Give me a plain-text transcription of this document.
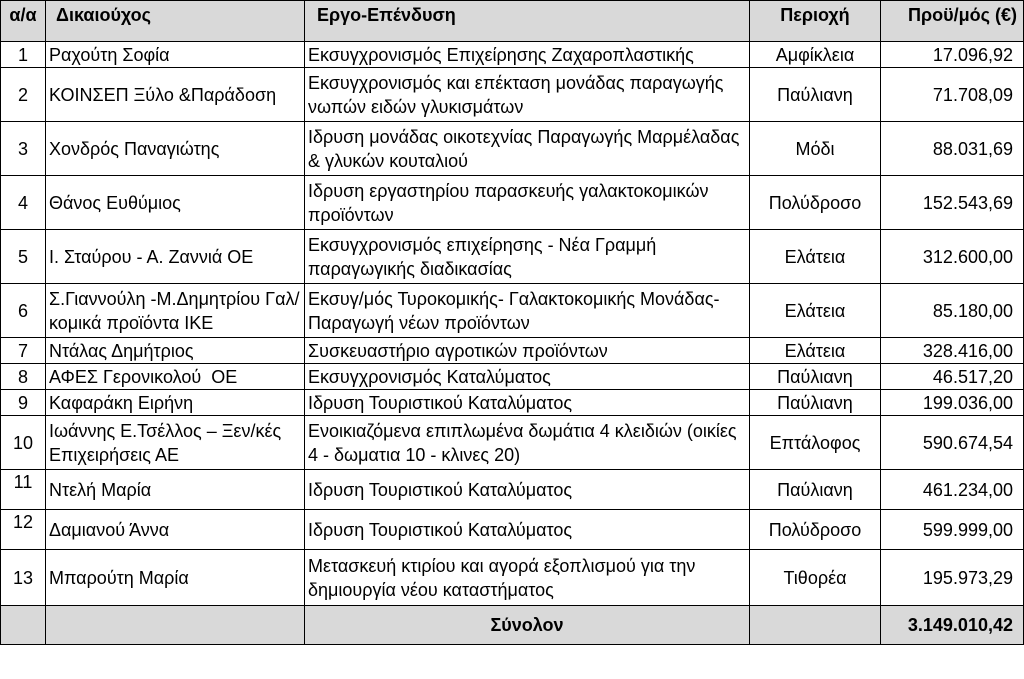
α/α	Δικαιούχος	Εργο-Επένδυση	Περιοχή	Προϋ/μός (€)
1	Ραχούτη Σοφία	Εκσυγχρονισμός Επιχείρησης Ζαχαροπλαστικής	Αμφίκλεια	17.096,92
2	ΚΟΙΝΣΕΠ Ξύλο &Παράδοση	Εκσυγχρονισμός και επέκταση μονάδας παραγωγής νωπών ειδών γλυκισμάτων	Παύλιανη	71.708,09
3	Χονδρός Παναγιώτης	Ιδρυση μονάδας οικοτεχνίας Παραγωγής Μαρμέλαδας & γλυκών κουταλιού	Μόδι	88.031,69
4	Θάνος Ευθύμιος	Ιδρυση εργαστηρίου παρασκευής γαλακτοκομικών προϊόντων	Πολύδροσο	152.543,69
5	Ι. Σταύρου - Α. Ζαννιά ΟΕ	Εκσυγχρονισμός επιχείρησης - Νέα Γραμμή παραγωγικής διαδικασίας	Ελάτεια	312.600,00
6	Σ.Γιαννούλη -Μ.Δημητρίου Γαλ/κομικά προϊόντα ΙΚΕ	Εκσυγ/μός Τυροκομικής- Γαλακτοκομικής Μονάδας-Παραγωγή νέων προϊόντων	Ελάτεια	85.180,00
7	Ντάλας Δημήτριος	Συσκευαστήριο αγροτικών προϊόντων	Ελάτεια	328.416,00
8	ΑΦΕΣ Γερονικολού  ΟΕ	Εκσυγχρονισμός Καταλύματος	Παύλιανη	46.517,20
9	Καφαράκη Ειρήνη	Ιδρυση Τουριστικού Καταλύματος	Παύλιανη	199.036,00
10	Ιωάννης Ε.Τσέλλος – Ξεν/κές Επιχειρήσεις ΑΕ	Ενοικιαζόμενα επιπλωμένα δωμάτια 4 κλειδιών (οικίες 4 - δωματια 10 - κλινες 20)	Επτάλοφος	590.674,54
11	Ντελή Μαρία	Ιδρυση Τουριστικού Καταλύματος	Παύλιανη	461.234,00
12	Δαμιανού Άννα	Ιδρυση Τουριστικού Καταλύματος	Πολύδροσο	599.999,00
13	Μπαρούτη Μαρία	Μετασκευή κτιρίου και αγορά εξοπλισμού για την δημιουργία νέου καταστήματος	Τιθορέα	195.973,29
		Σύνολον		3.149.010,42
